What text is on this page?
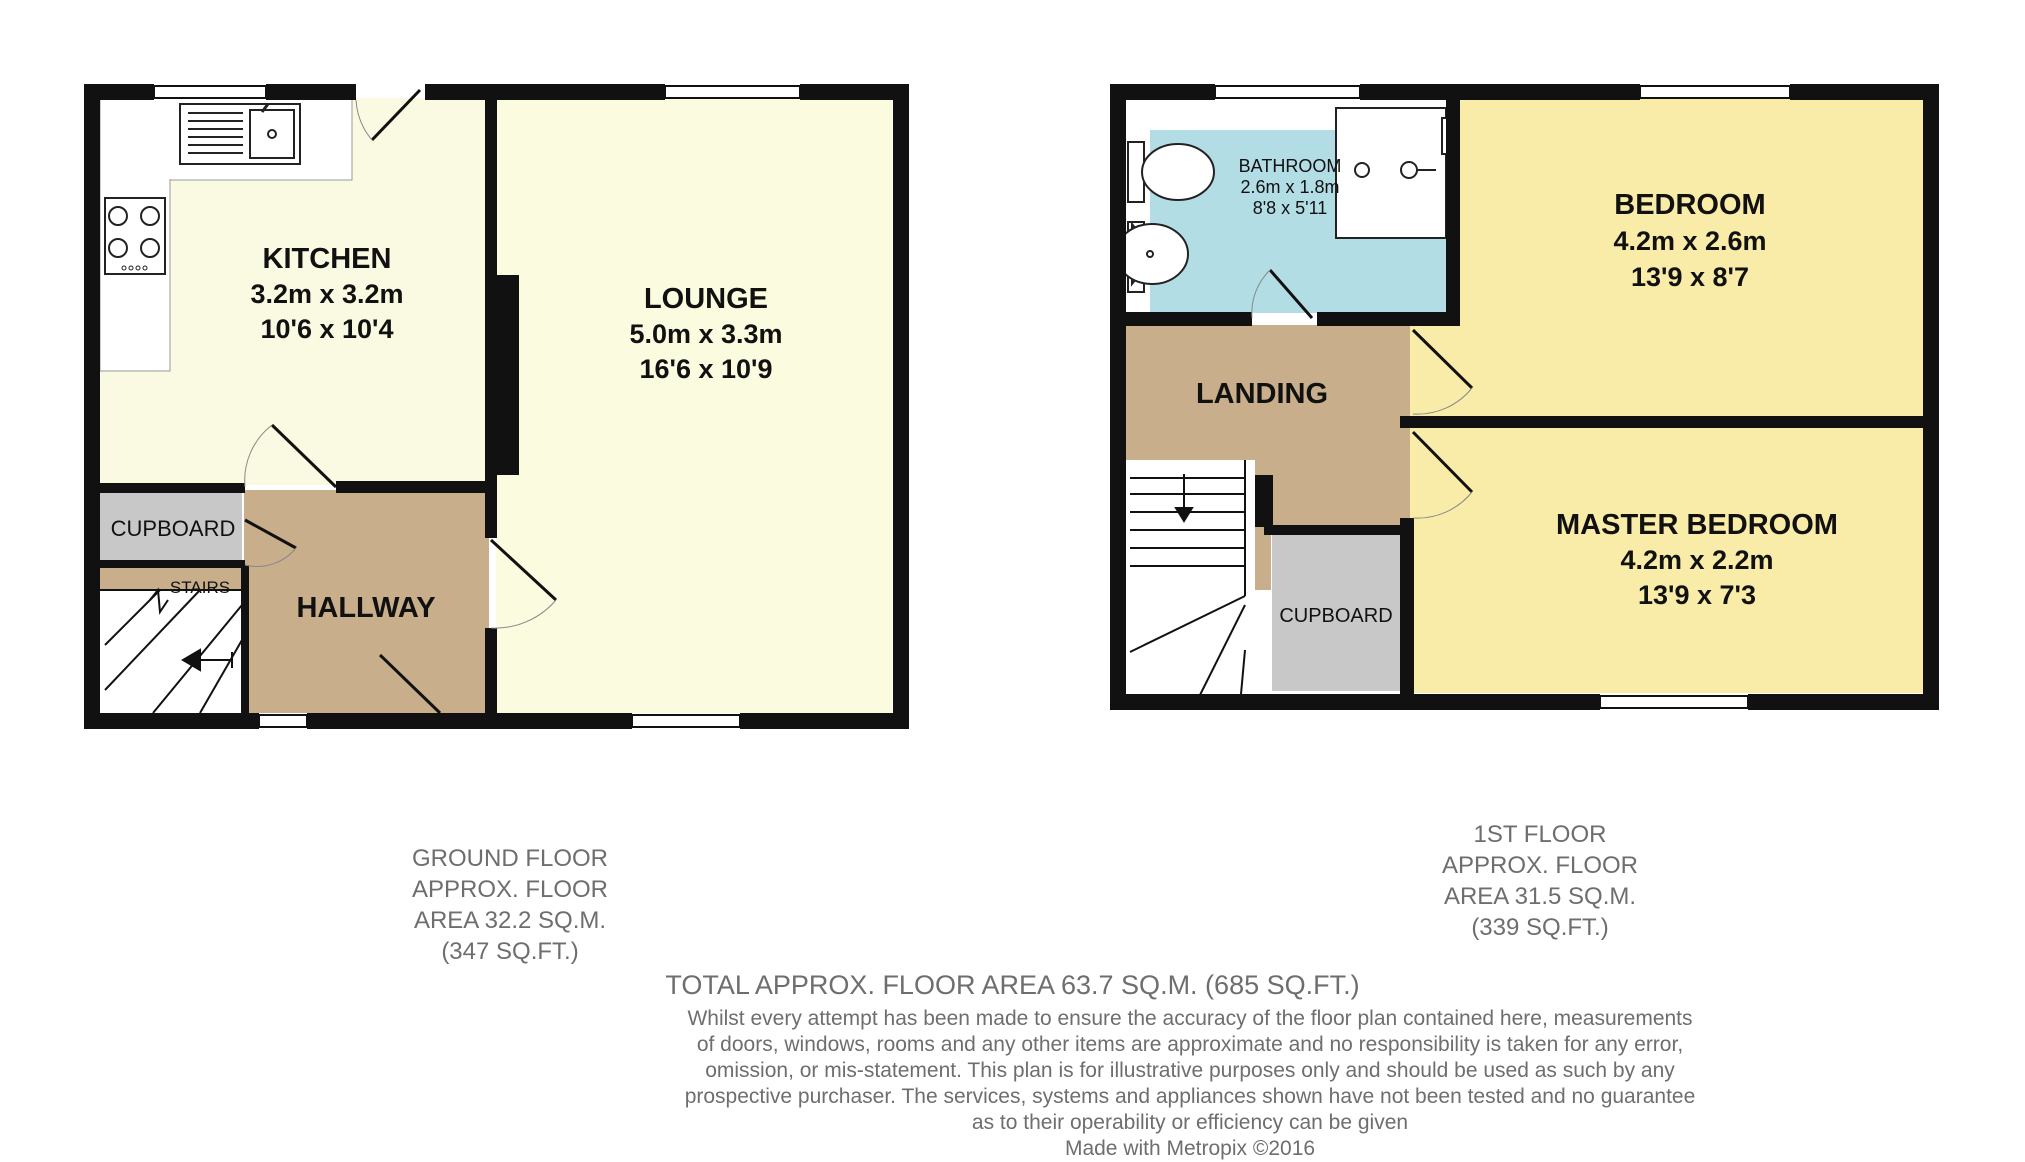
KITCHEN
3.2m x 3.2m
10'6 x 10'4
LOUNGE
5.0m x 3.3m
16'6 x 10'9
HALLWAY
CUPBOARD
STAIRS
BATHROOM
2.6m x 1.8m
8'8 x 5'11	BEDROOM
4.2m x 2.6m
13'9 x 8'7
LANDING
MASTER BEDROOM
4.2m x 2.2m
13'9 x 7'3
CUPBOARD
GROUND FLOOR
APPROX. FLOOR
AREA 32.2 SQ.M.
(347 SQ.FT.)
1ST FLOOR
APPROX. FLOOR
AREA 31.5 SQ.M.
(339 SQ.FT.)
TOTAL APPROX. FLOOR AREA 63.7 SQ.M. (685 SQ.FT.)
Whilst every attempt has been made to ensure the accuracy of the floor plan contained here, measurements
of doors, windows, rooms and any other items are approximate and no responsibility is taken for any error,
omission, or mis-statement. This plan is for illustrative purposes only and should be used as such by any
prospective purchaser. The services, systems and appliances shown have not been tested and no guarantee
as to their operability or efficiency can be given
Made with Metropix ©2016
